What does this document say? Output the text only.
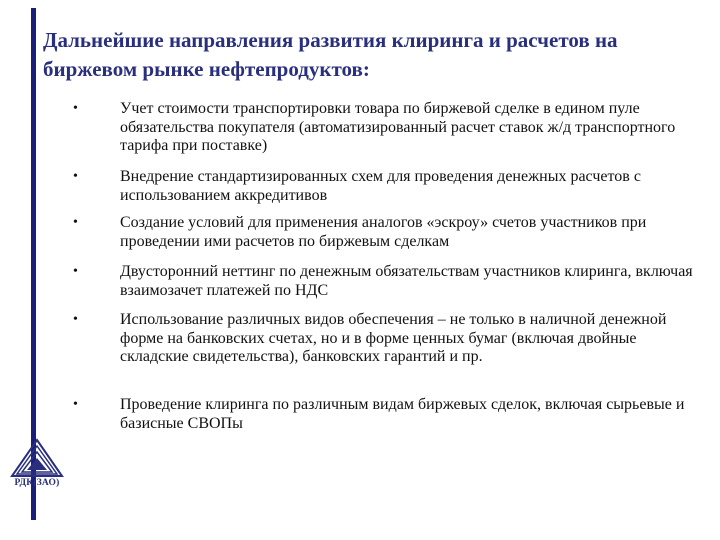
Дальнейшие направления развития клиринга и расчетов на биржевом рынке нефтепродуктов:
•	Учет стоимости транспортировки товара по биржевой сделке в едином пуле обязательства покупателя (автоматизированный расчет ставок ж/д транспортного тарифа при поставке)
•	Внедрение стандартизированных схем для проведения денежных расчетов с использованием аккредитивов
•	Создание условий для применения аналогов «эскроу» счетов участников при проведении ими расчетов по биржевым сделкам
•	Двусторонний неттинг по денежным обязательствам участников клиринга, включая взаимозачет платежей по НДС
•	Использование различных видов обеспечения – не только в наличной денежной форме на банковских счетах, но и в форме ценных бумаг (включая двойные складские свидетельства), банковских гарантий и пр.
•	Проведение клиринга по различным видам биржевых сделок, включая сырьевые и базисные СВОПы
РДК(ЗАО)
